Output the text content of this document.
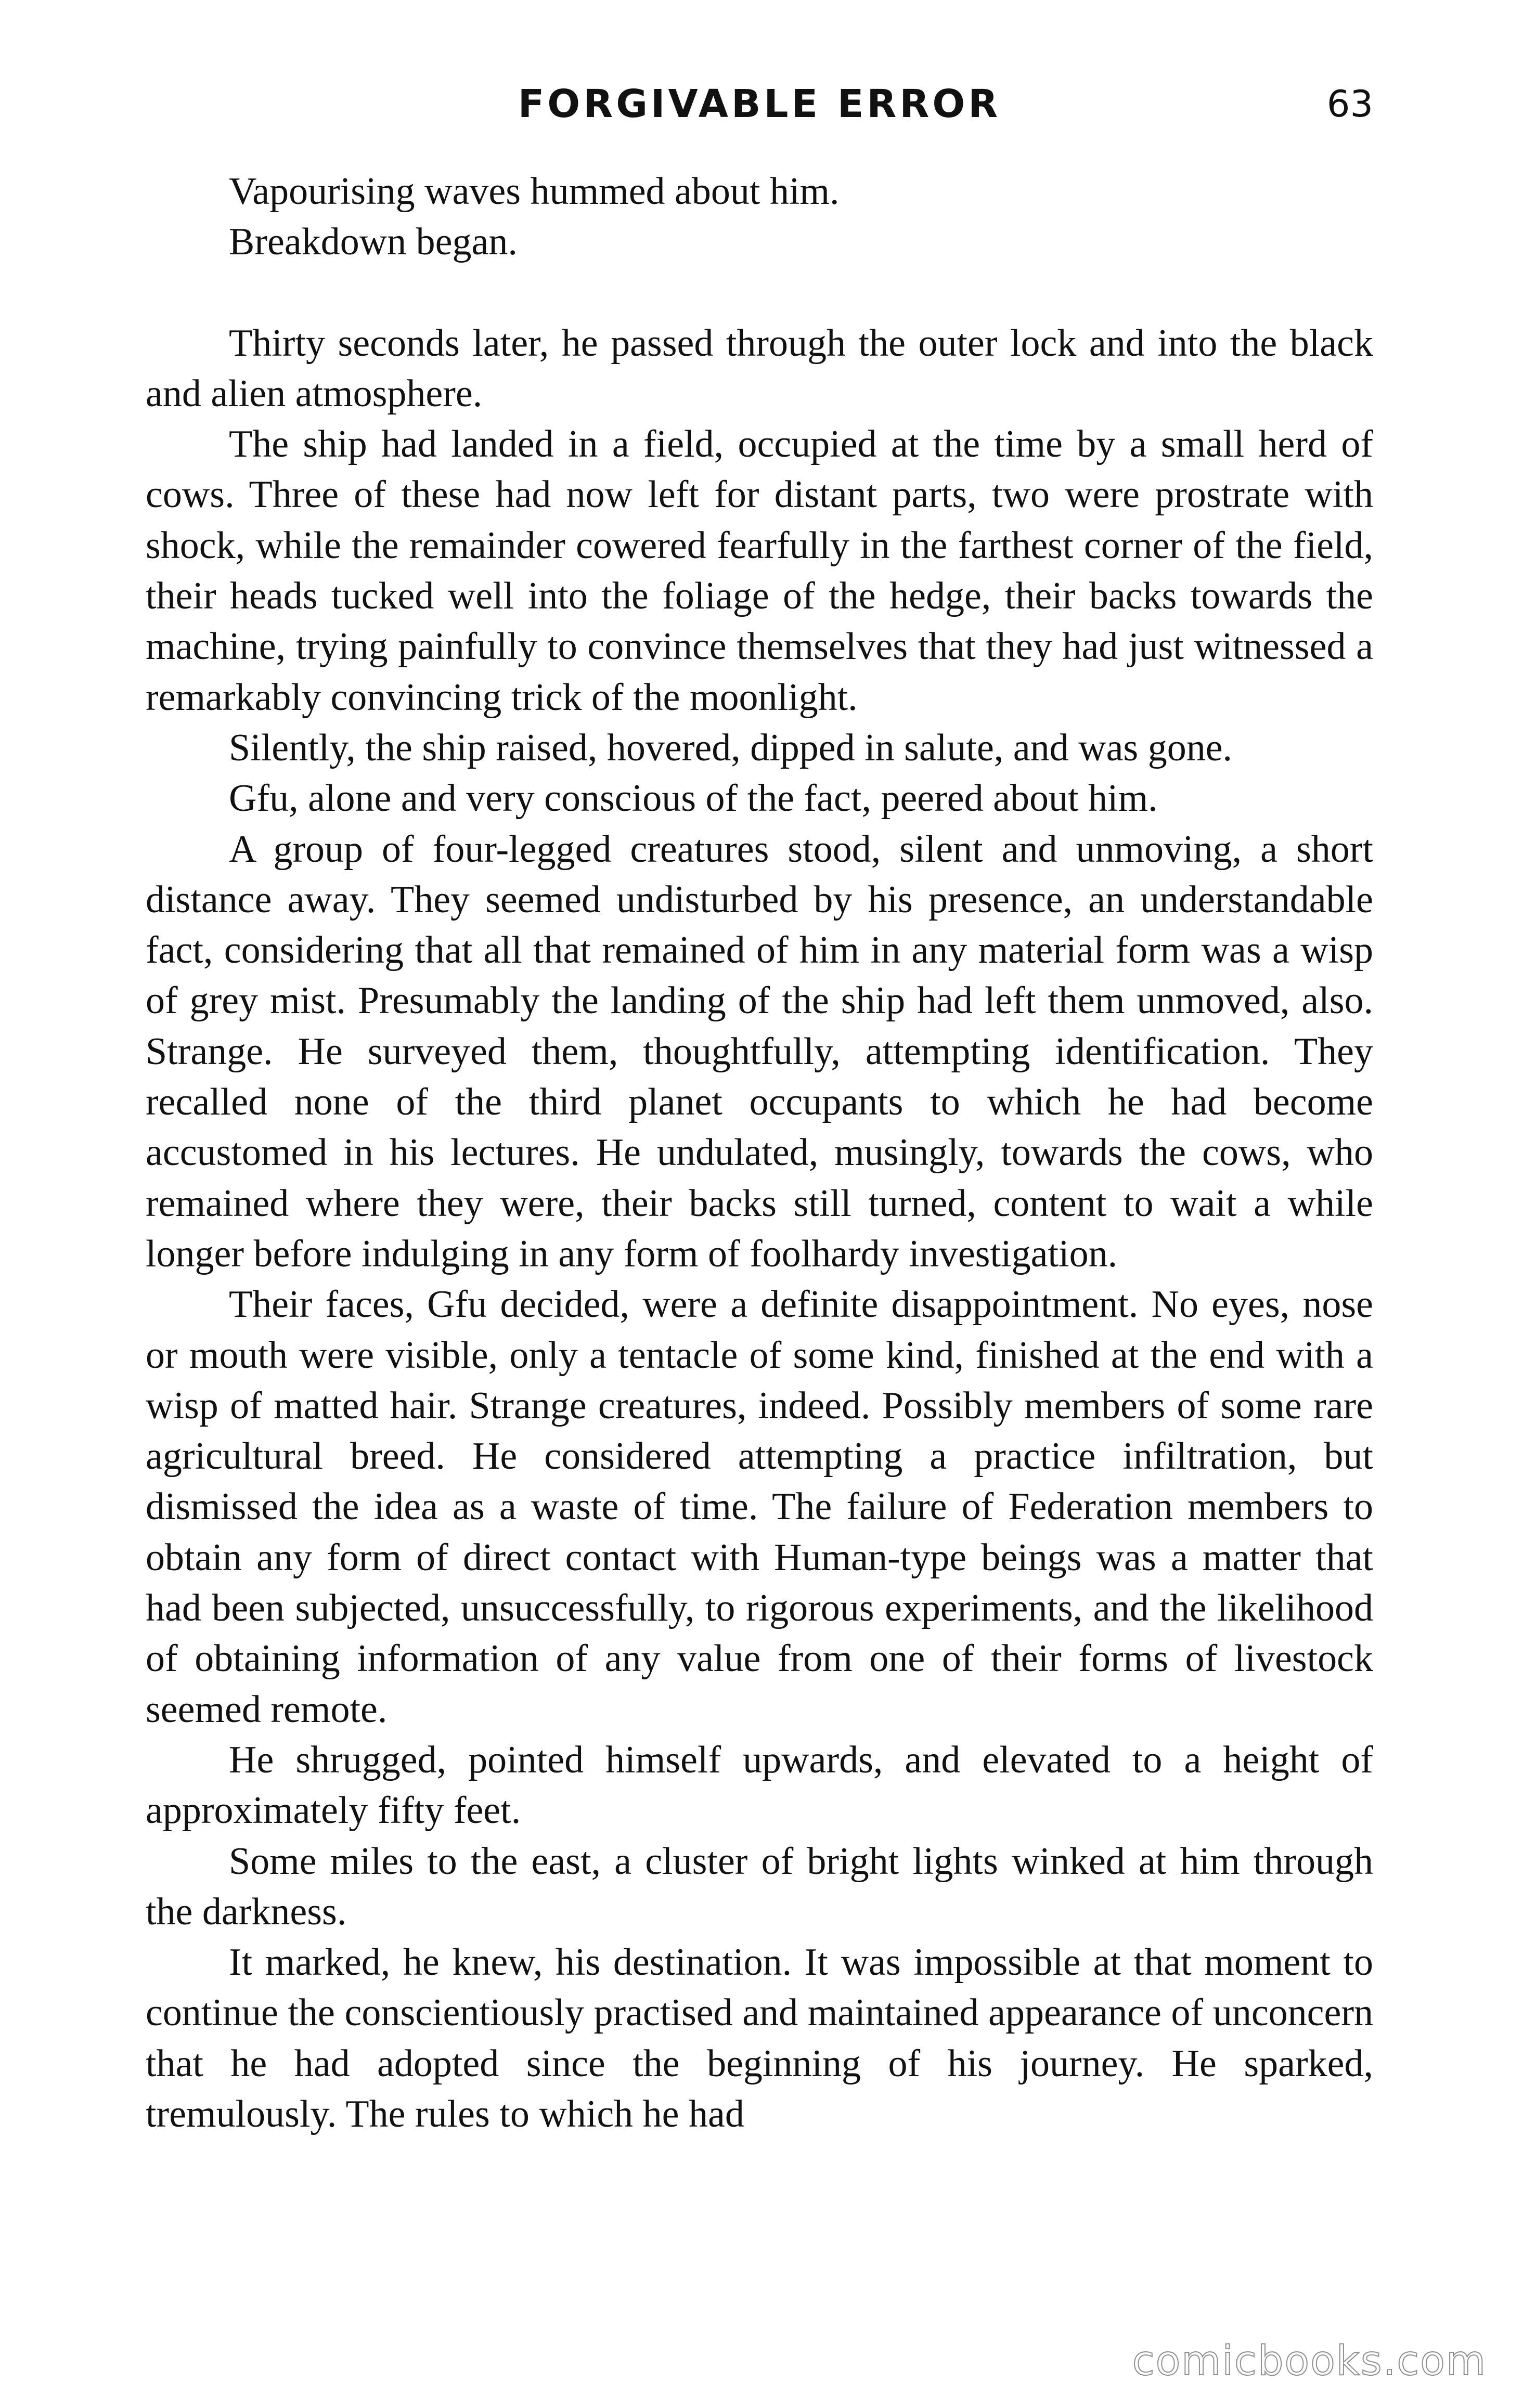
FORGIVABLE ERROR	63

Vapourising waves hummed about him.

Breakdown began.

Thirty seconds later, he passed through the outer lock and into the black and alien atmosphere.

The ship had landed in a field, occupied at the time by a small herd of cows. Three of these had now left for distant parts, two were prostrate with shock, while the remainder cowered fearfully in the farthest corner of the field, their heads tucked well into the foliage of the hedge, their backs towards the machine, trying painfully to convince themselves that they had just witnessed a remarkably convincing trick of the moonlight.

Silently, the ship raised, hovered, dipped in salute, and was gone.

Gfu, alone and very conscious of the fact, peered about him.

A group of four-legged creatures stood, silent and unmoving, a short distance away. They seemed undisturbed by his presence, an understandable fact, considering that all that remained of him in any material form was a wisp of grey mist. Presumably the landing of the ship had left them unmoved, also. Strange. He surveyed them, thoughtfully, attempting identification. They recalled none of the third planet occupants to which he had become accustomed in his lectures. He undulated, musingly, towards the cows, who remained where they were, their backs still turned, content to wait a while longer before indulging in any form of foolhardy investigation.

Their faces, Gfu decided, were a definite disappointment. No eyes, nose or mouth were visible, only a tentacle of some kind, finished at the end with a wisp of matted hair. Strange creatures, indeed. Possibly members of some rare agricultural breed. He considered attempting a practice infiltration, but dismissed the idea as a waste of time. The failure of Federation members to obtain any form of direct contact with Human-type beings was a matter that had been subjected, unsuccessfully, to rigorous experiments, and the likelihood of obtaining information of any value from one of their forms of livestock seemed remote.

He shrugged, pointed himself upwards, and elevated to a height of approximately fifty feet.

Some miles to the east, a cluster of bright lights winked at him through the darkness.

It marked, he knew, his destination. It was impossible at that moment to continue the conscientiously practised and maintained appearance of unconcern that he had adopted since the beginning of his journey. He sparked, tremulously. The rules to which he had

comicbooks.com
